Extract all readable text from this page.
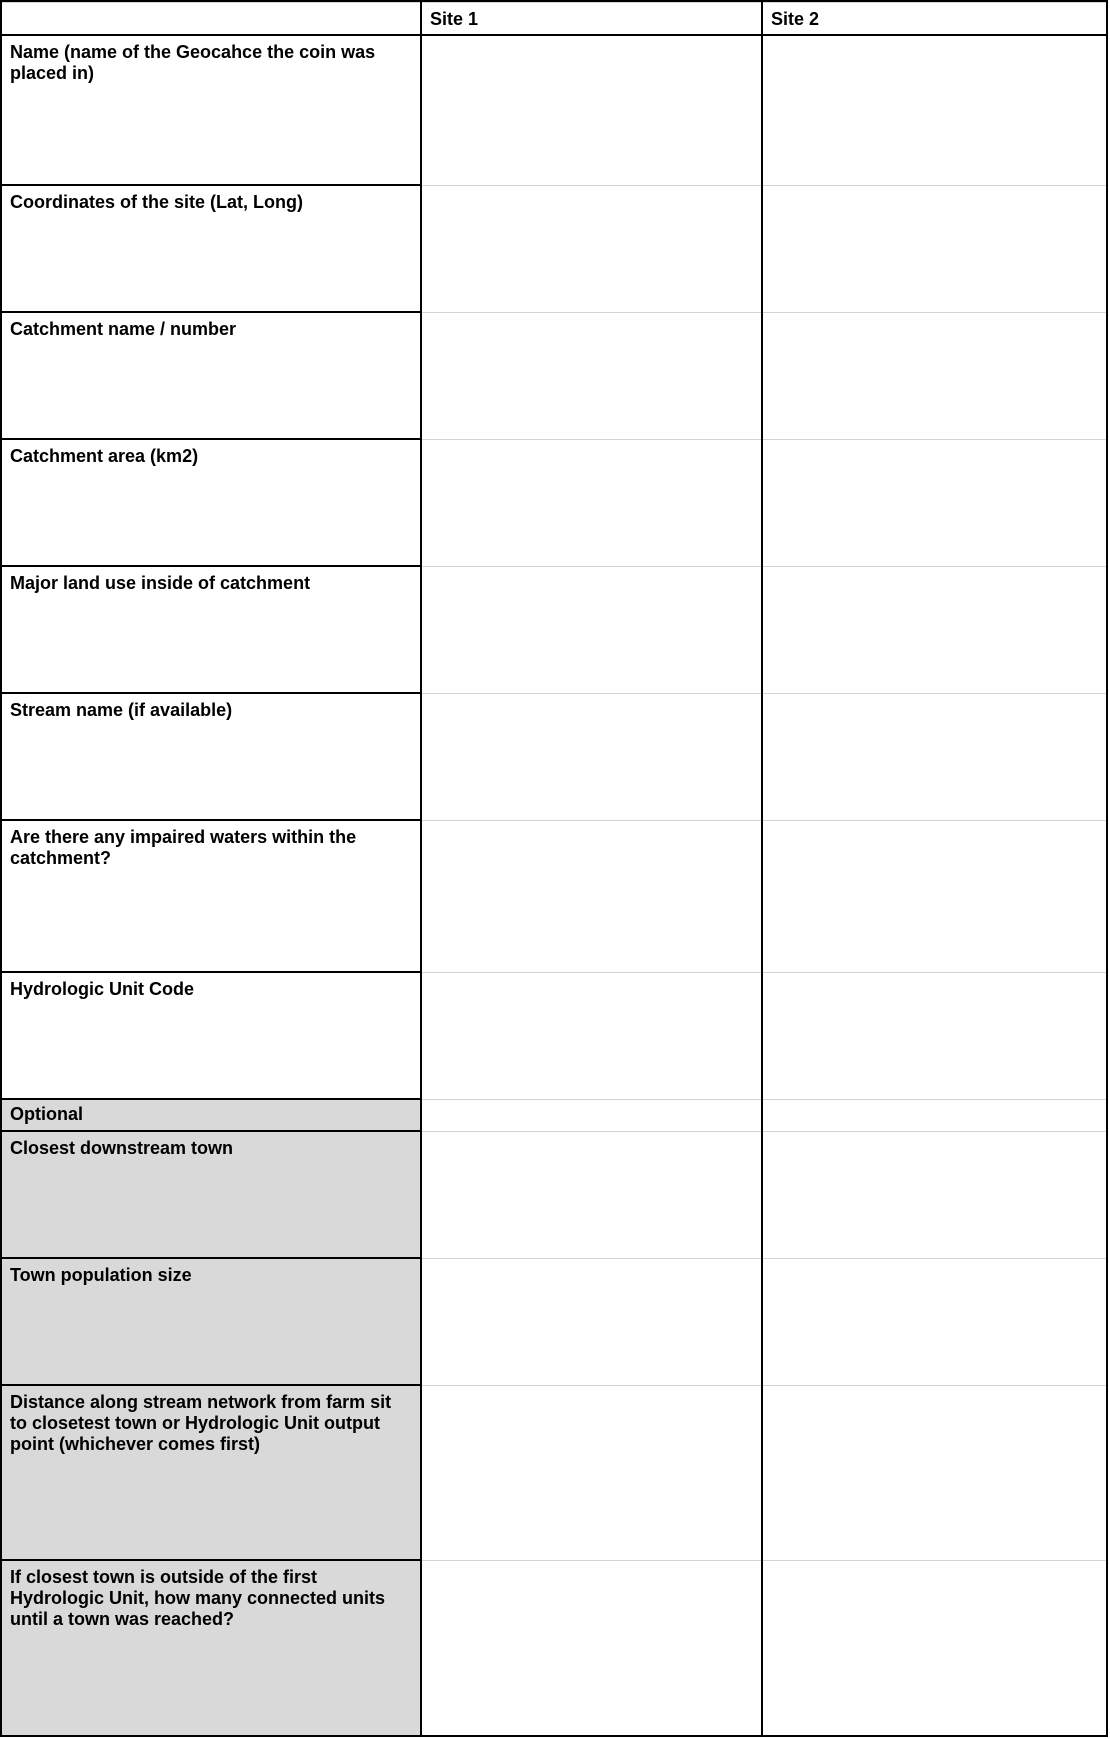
	Site 1	Site 2
Name (name of the Geocahce the coin was placed in)		
Coordinates of the site (Lat, Long)		
Catchment name / number		
Catchment area (km2)		
Major land use inside of catchment		
Stream name (if available)		
Are there any impaired waters within the catchment?		
Hydrologic Unit Code		
Optional		
Closest downstream town		
Town population size		
Distance along stream network from farm sit to closetest town or Hydrologic Unit output point (whichever comes first)		
If closest town is outside of the first Hydrologic Unit, how many connected units until a town was reached?		
